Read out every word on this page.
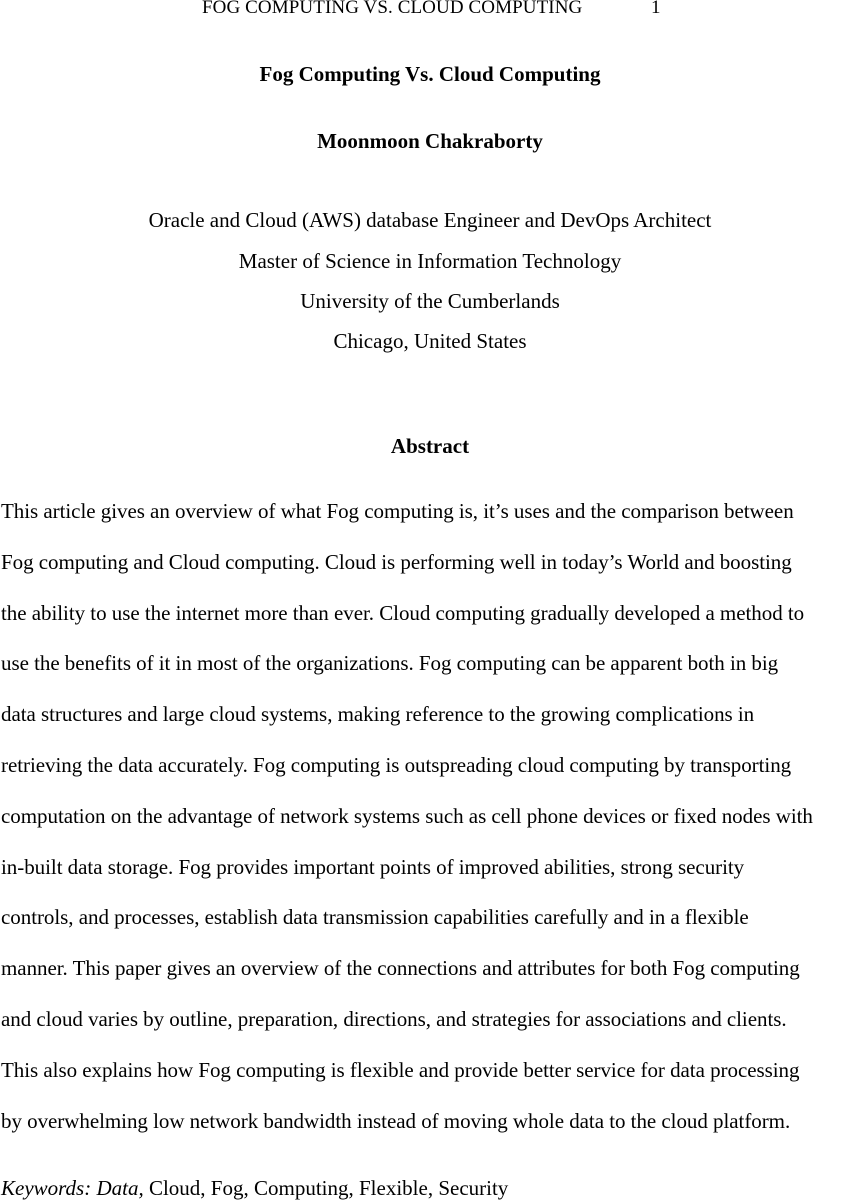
FOG COMPUTING VS. CLOUD COMPUTING	1
Fog Computing Vs. Cloud Computing
Moonmoon Chakraborty
Oracle and Cloud (AWS) database Engineer and DevOps Architect
Master of Science in Information Technology
University of the Cumberlands
Chicago, United States
Abstract
This article gives an overview of what Fog computing is, it’s uses and the comparison between
Fog computing and Cloud computing. Cloud is performing well in today’s World and boosting
the ability to use the internet more than ever. Cloud computing gradually developed a method to
use the benefits of it in most of the organizations. Fog computing can be apparent both in big
data structures and large cloud systems, making reference to the growing complications in
retrieving the data accurately. Fog computing is outspreading cloud computing by transporting
computation on the advantage of network systems such as cell phone devices or fixed nodes with
in-built data storage. Fog provides important points of improved abilities, strong security
controls, and processes, establish data transmission capabilities carefully and in a flexible
manner. This paper gives an overview of the connections and attributes for both Fog computing
and cloud varies by outline, preparation, directions, and strategies for associations and clients.
This also explains how Fog computing is flexible and provide better service for data processing
by overwhelming low network bandwidth instead of moving whole data to the cloud platform.
Keywords: Data, Cloud, Fog, Computing, Flexible, Security
